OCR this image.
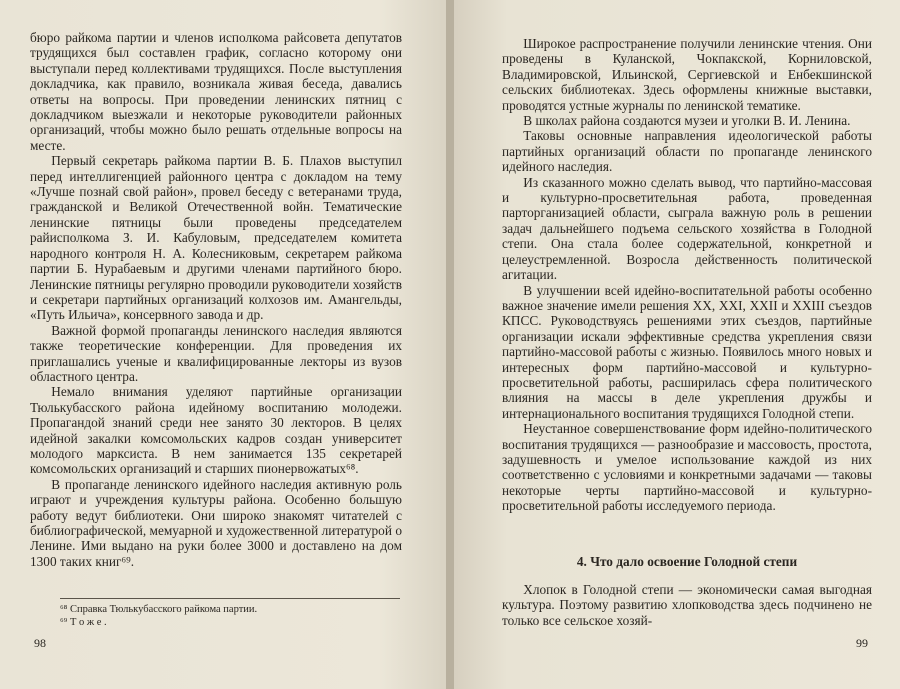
бюро райкома партии и членов исполкома райсовета депутатов трудящихся был составлен график, согласно которому они выступали перед коллективами трудящихся. После выступления докладчика, как правило, возникала живая беседа, давались ответы на вопросы. При проведении ленинских пятниц с докладчиком выезжали и некоторые руководители районных организаций, чтобы можно было решать отдельные вопросы на месте.

Первый секретарь райкома партии В. Б. Плахов выступил перед интеллигенцией районного центра с докладом на тему «Лучше познай свой район», провел беседу с ветеранами труда, гражданской и Великой Отечественной войн. Тематические ленинские пятницы были проведены председателем райисполкома З. И. Кабуловым, председателем комитета народного контроля Н. А. Колесниковым, секретарем райкома партии Б. Нурабаевым и другими членами партийного бюро. Ленинские пятницы регулярно проводили руководители хозяйств и секретари партийных организаций колхозов им. Амангельды, «Путь Ильича», консервного завода и др.

Важной формой пропаганды ленинского наследия являются также теоретические конференции. Для проведения их приглашались ученые и квалифицированные лекторы из вузов областного центра.

Немало внимания уделяют партийные организации Тюлькубасского района идейному воспитанию молодежи. Пропагандой знаний среди нее занято 30 лекторов. В целях идейной закалки комсомольских кадров создан университет молодого марксиста. В нем занимается 135 секретарей комсомольских организаций и старших пионервожатых⁶⁸.

В пропаганде ленинского идейного наследия активную роль играют и учреждения культуры района. Особенно большую работу ведут библиотеки. Они широко знакомят читателей с библиографической, мемуарной и художественной литературой о Ленине. Ими выдано на руки более 3000 и доставлено на дом 1300 таких книг⁶⁹.

⁶⁸ Справка Тюлькубасского райкома партии.
⁶⁹ Т о ж е .
98

Широкое распространение получили ленинские чтения. Они проведены в Куланской, Чокпакской, Корниловской, Владимировской, Ильинской, Сергиевской и Енбекшинской сельских библиотеках. Здесь оформлены книжные выставки, проводятся устные журналы по ленинской тематике.

В школах района создаются музеи и уголки В. И. Ленина.

Таковы основные направления идеологической работы партийных организаций области по пропаганде ленинского идейного наследия.

Из сказанного можно сделать вывод, что партийно-массовая и культурно-просветительная работа, проведенная парторганизацией области, сыграла важную роль в решении задач дальнейшего подъема сельского хозяйства в Голодной степи. Она стала более содержательной, конкретной и целеустремленной. Возросла действенность политической агитации.

В улучшении всей идейно-воспитательной работы особенно важное значение имели решения XX, XXI, XXII и XXIII съездов КПСС. Руководствуясь решениями этих съездов, партийные организации искали эффективные средства укрепления связи партийно-массовой работы с жизнью. Появилось много новых и интересных форм партийно-массовой и культурно-просветительной работы, расширилась сфера политического влияния на массы в деле укрепления дружбы и интернационального воспитания трудящихся Голодной степи.

Неустанное совершенствование форм идейно-политического воспитания трудящихся — разнообразие и массовость, простота, задушевность и умелое использование каждой из них соответственно с условиями и конкретными задачами — таковы некоторые черты партийно-массовой и культурно-просветительной работы исследуемого периода.

4. Что дало освоение Голодной степи

Хлопок в Голодной степи — экономически самая выгодная культура. Поэтому развитию хлопководства здесь подчинено не только все сельское хозяй-

99
